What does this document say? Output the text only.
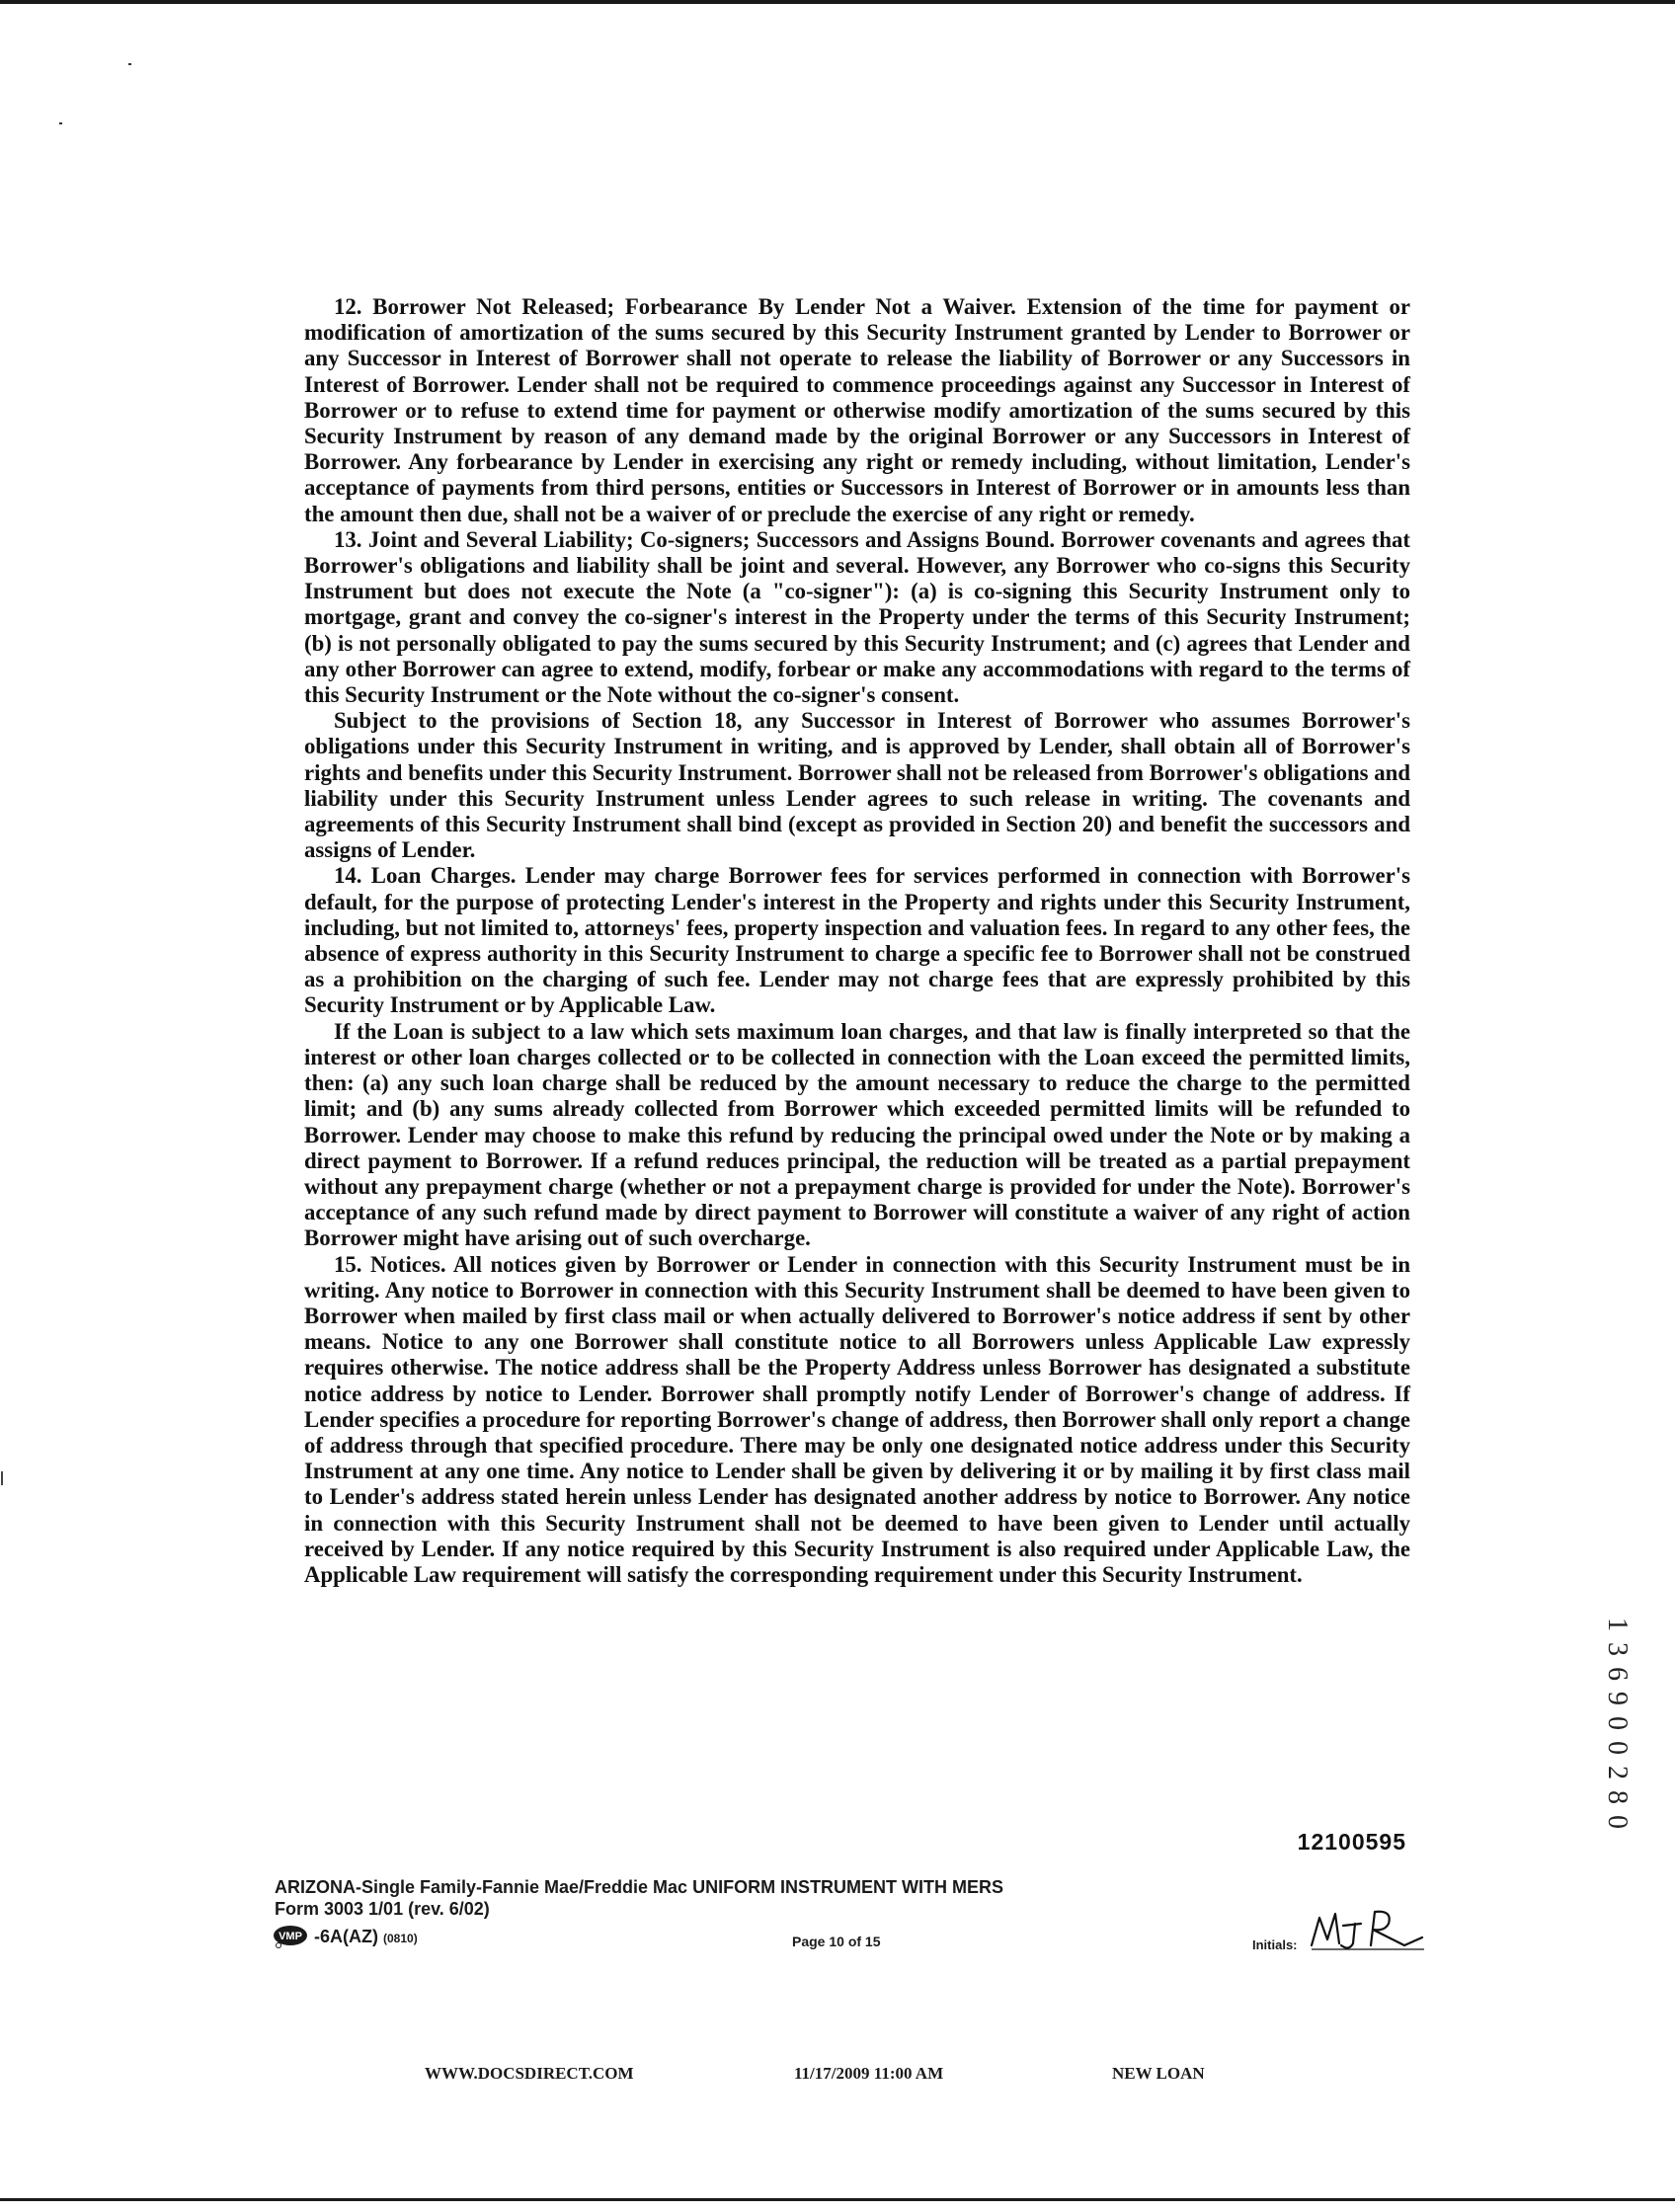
12. Borrower Not Released; Forbearance By Lender Not a Waiver. Extension of the time for payment or modification of amortization of the sums secured by this Security Instrument granted by Lender to Borrower or any Successor in Interest of Borrower shall not operate to release the liability of Borrower or any Successors in Interest of Borrower. Lender shall not be required to commence proceedings against any Successor in Interest of Borrower or to refuse to extend time for payment or otherwise modify amortization of the sums secured by this Security Instrument by reason of any demand made by the original Borrower or any Successors in Interest of Borrower. Any forbearance by Lender in exercising any right or remedy including, without limitation, Lender's acceptance of payments from third persons, entities or Successors in Interest of Borrower or in amounts less than the amount then due, shall not be a waiver of or preclude the exercise of any right or remedy.

13. Joint and Several Liability; Co-signers; Successors and Assigns Bound. Borrower covenants and agrees that Borrower's obligations and liability shall be joint and several. However, any Borrower who co-signs this Security Instrument but does not execute the Note (a "co-signer"): (a) is co-signing this Security Instrument only to mortgage, grant and convey the co-signer's interest in the Property under the terms of this Security Instrument; (b) is not personally obligated to pay the sums secured by this Security Instrument; and (c) agrees that Lender and any other Borrower can agree to extend, modify, forbear or make any accommodations with regard to the terms of this Security Instrument or the Note without the co-signer's consent.

Subject to the provisions of Section 18, any Successor in Interest of Borrower who assumes Borrower's obligations under this Security Instrument in writing, and is approved by Lender, shall obtain all of Borrower's rights and benefits under this Security Instrument. Borrower shall not be released from Borrower's obligations and liability under this Security Instrument unless Lender agrees to such release in writing. The covenants and agreements of this Security Instrument shall bind (except as provided in Section 20) and benefit the successors and assigns of Lender.

14. Loan Charges. Lender may charge Borrower fees for services performed in connection with Borrower's default, for the purpose of protecting Lender's interest in the Property and rights under this Security Instrument, including, but not limited to, attorneys' fees, property inspection and valuation fees. In regard to any other fees, the absence of express authority in this Security Instrument to charge a specific fee to Borrower shall not be construed as a prohibition on the charging of such fee. Lender may not charge fees that are expressly prohibited by this Security Instrument or by Applicable Law.

If the Loan is subject to a law which sets maximum loan charges, and that law is finally interpreted so that the interest or other loan charges collected or to be collected in connection with the Loan exceed the permitted limits, then: (a) any such loan charge shall be reduced by the amount necessary to reduce the charge to the permitted limit; and (b) any sums already collected from Borrower which exceeded permitted limits will be refunded to Borrower. Lender may choose to make this refund by reducing the principal owed under the Note or by making a direct payment to Borrower. If a refund reduces principal, the reduction will be treated as a partial prepayment without any prepayment charge (whether or not a prepayment charge is provided for under the Note). Borrower's acceptance of any such refund made by direct payment to Borrower will constitute a waiver of any right of action Borrower might have arising out of such overcharge.

15. Notices. All notices given by Borrower or Lender in connection with this Security Instrument must be in writing. Any notice to Borrower in connection with this Security Instrument shall be deemed to have been given to Borrower when mailed by first class mail or when actually delivered to Borrower's notice address if sent by other means. Notice to any one Borrower shall constitute notice to all Borrowers unless Applicable Law expressly requires otherwise. The notice address shall be the Property Address unless Borrower has designated a substitute notice address by notice to Lender. Borrower shall promptly notify Lender of Borrower's change of address. If Lender specifies a procedure for reporting Borrower's change of address, then Borrower shall only report a change of address through that specified procedure. There may be only one designated notice address under this Security Instrument at any one time. Any notice to Lender shall be given by delivering it or by mailing it by first class mail to Lender's address stated herein unless Lender has designated another address by notice to Borrower. Any notice in connection with this Security Instrument shall not be deemed to have been given to Lender until actually received by Lender. If any notice required by this Security Instrument is also required under Applicable Law, the Applicable Law requirement will satisfy the corresponding requirement under this Security Instrument.

12100595
ARIZONA-Single Family-Fannie Mae/Freddie Mac UNIFORM INSTRUMENT WITH MERS
Form 3003 1/01 (rev. 6/02)
VMP -6A(AZ) (0810)	Page 10 of 15	Initials:
WWW.DOCSDIRECT.COM	11/17/2009 11:00 AM	NEW LOAN
1 3 6 9 0 0 2 8 0
